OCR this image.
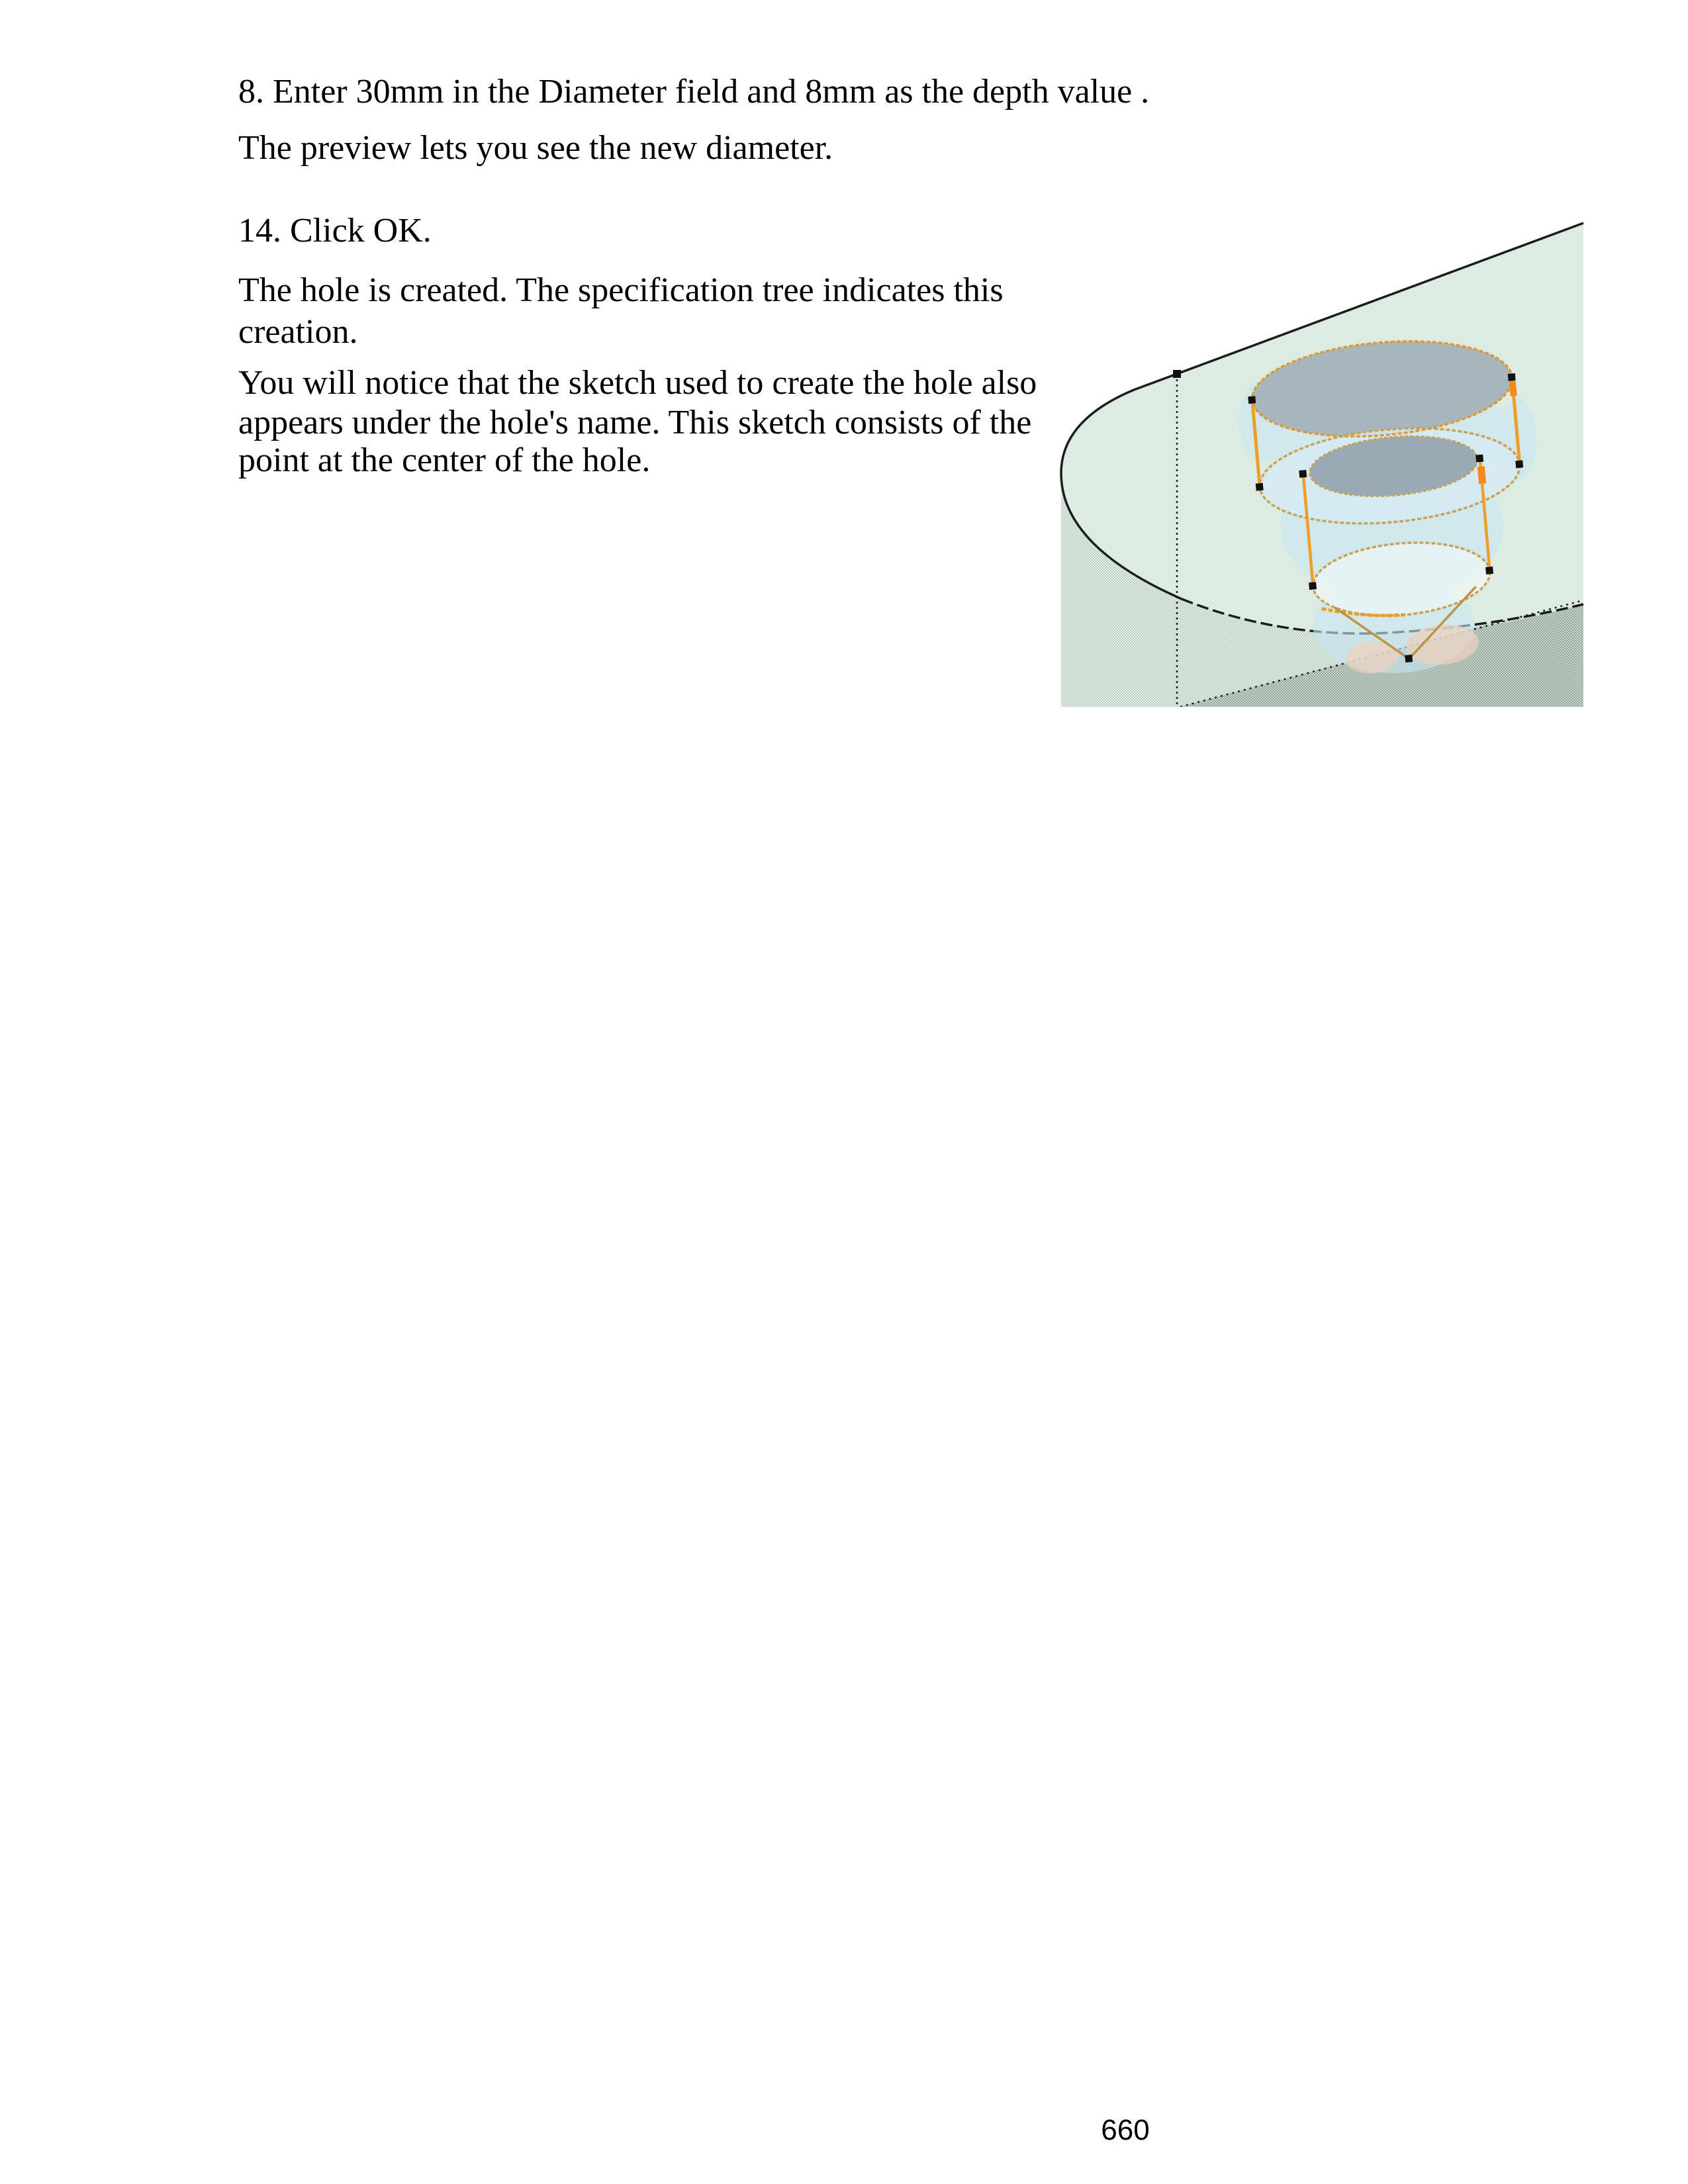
8. Enter 30mm in the Diameter field and 8mm as the depth value .

The preview lets you see the new diameter.

14. Click OK.

The hole is created. The specification tree indicates this

creation.

You will notice that the sketch used to create the hole also

appears under the hole's name. This sketch consists of the

point at the center of the hole.

660
